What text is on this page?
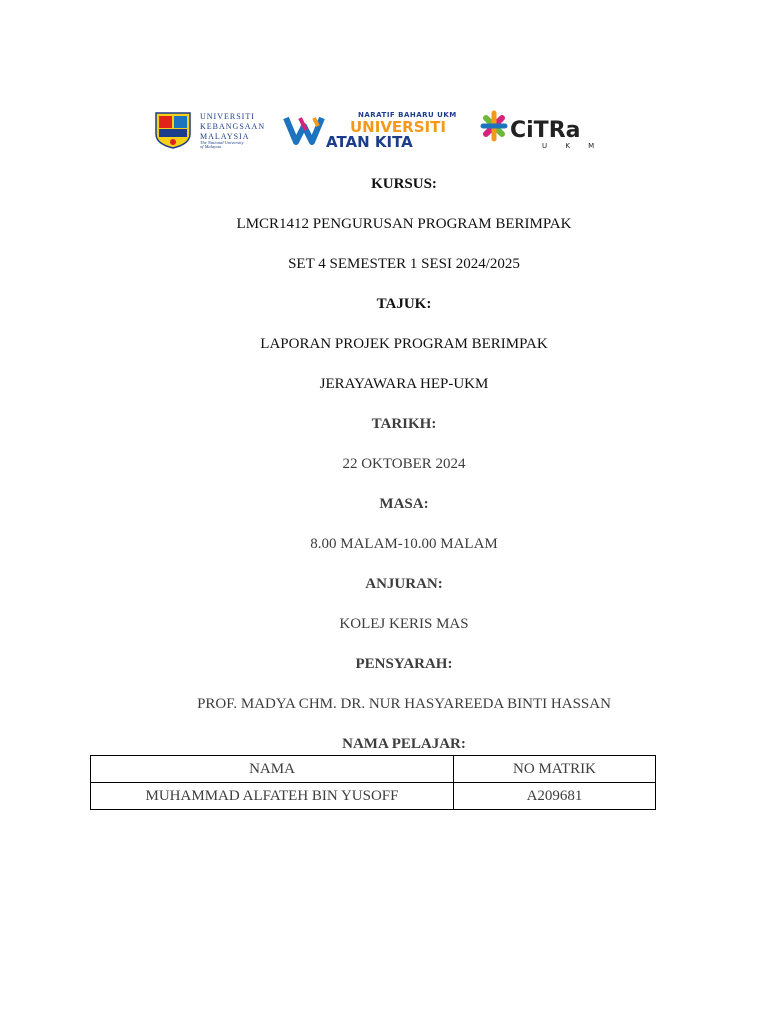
UNIVERSITI
KEBANGSAAN
MALAYSIA
The National University
of Malaysia
NARATIF BAHARU UKM
UNIVERSITI
ATAN KITA	CiTRa
U K M
KURSUS:
LMCR1412 PENGURUSAN PROGRAM BERIMPAK
SET 4 SEMESTER 1 SESI 2024/2025
TAJUK:
LAPORAN PROJEK PROGRAM BERIMPAK
JERAYAWARA HEP-UKM
TARIKH:
22 OKTOBER 2024
MASA:
8.00 MALAM-10.00 MALAM
ANJURAN:
KOLEJ KERIS MAS
PENSYARAH:
PROF. MADYA CHM. DR. NUR HASYAREEDA BINTI HASSAN
NAMA PELAJAR:
NAMA	NO MATRIK
MUHAMMAD ALFATEH BIN YUSOFF	A209681
